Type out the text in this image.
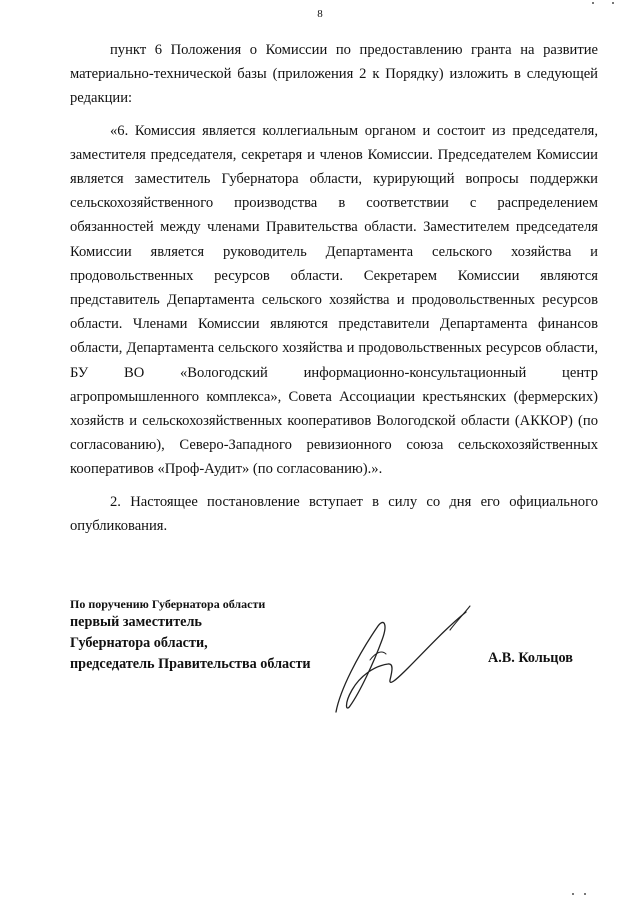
8

пункт 6 Положения о Комиссии по предоставлению гранта на развитие материально-технической базы (приложения 2 к Порядку) изложить в следующей редакции:

«6. Комиссия является коллегиальным органом и состоит из председателя, заместителя председателя, секретаря и членов Комиссии. Председателем Комиссии является заместитель Губернатора области, курирующий вопросы поддержки сельскохозяйственного производства в соответствии с распределением обязанностей между членами Правительства области. Заместителем председателя Комиссии является руководитель Департамента сельского хозяйства и продовольственных ресурсов области. Секретарем Комиссии являются представитель Департамента сельского хозяйства и продовольственных ресурсов области. Членами Комиссии являются представители Департамента финансов области, Департамента сельского хозяйства и продовольственных ресурсов области, БУ ВО «Вологодский информационно-консультационный центр агропромышленного комплекса», Совета Ассоциации крестьянских (фермерских) хозяйств и сельскохозяйственных кооперативов Вологодской области (АККОР) (по согласованию), Северо-Западного ревизионного союза сельскохозяйственных кооперативов «Проф-Аудит» (по согласованию).».

2. Настоящее постановление вступает в силу со дня его официального опубликования.

По поручению Губернатора области
первый заместитель
Губернатора области,
председатель Правительства области	А.В. Кольцов
